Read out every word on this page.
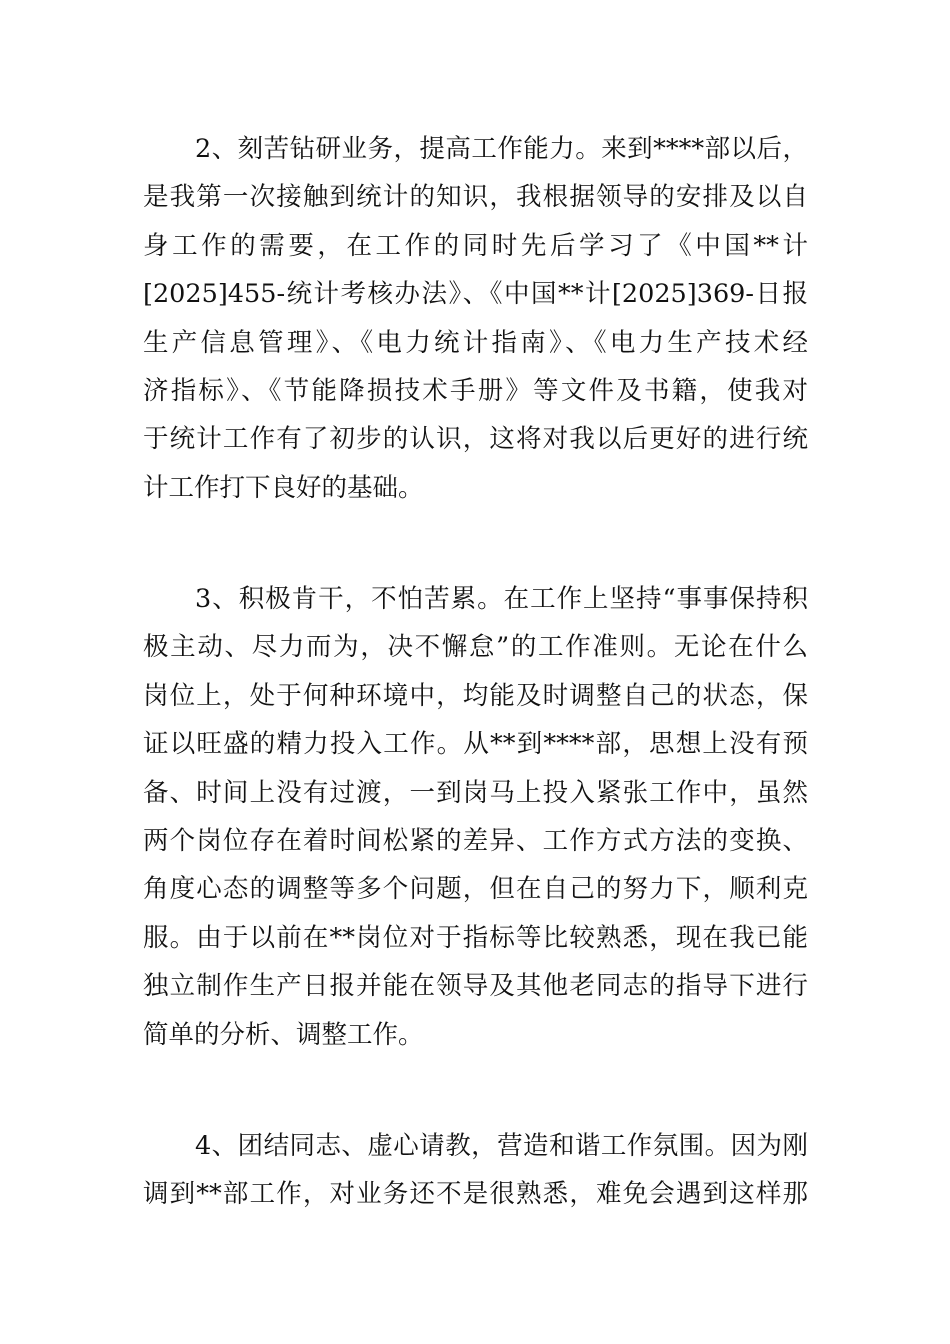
2、刻苦钻研业务，提高工作能力。来到****部以后，
是我第一次接触到统计的知识，我根据领导的安排及以自
身工作的需要，在工作的同时先后学习了《中国**计
[2025]455-统计考核办法》、《中国**计[2025]369-日报
生产信息管理》、《电力统计指南》、《电力生产技术经
济指标》、《节能降损技术手册》等文件及书籍，使我对
于统计工作有了初步的认识，这将对我以后更好的进行统
计工作打下良好的基础。
3、积极肯干，不怕苦累。在工作上坚持“事事保持积
极主动、尽力而为，决不懈怠”的工作准则。无论在什么
岗位上，处于何种环境中，均能及时调整自己的状态，保
证以旺盛的精力投入工作。从**到****部，思想上没有预
备、时间上没有过渡，一到岗马上投入紧张工作中，虽然
两个岗位存在着时间松紧的差异、工作方式方法的变换、
角度心态的调整等多个问题，但在自己的努力下，顺利克
服。由于以前在**岗位对于指标等比较熟悉，现在我已能
独立制作生产日报并能在领导及其他老同志的指导下进行
简单的分析、调整工作。
4、团结同志、虚心请教，营造和谐工作氛围。因为刚
调到**部工作，对业务还不是很熟悉，难免会遇到这样那
